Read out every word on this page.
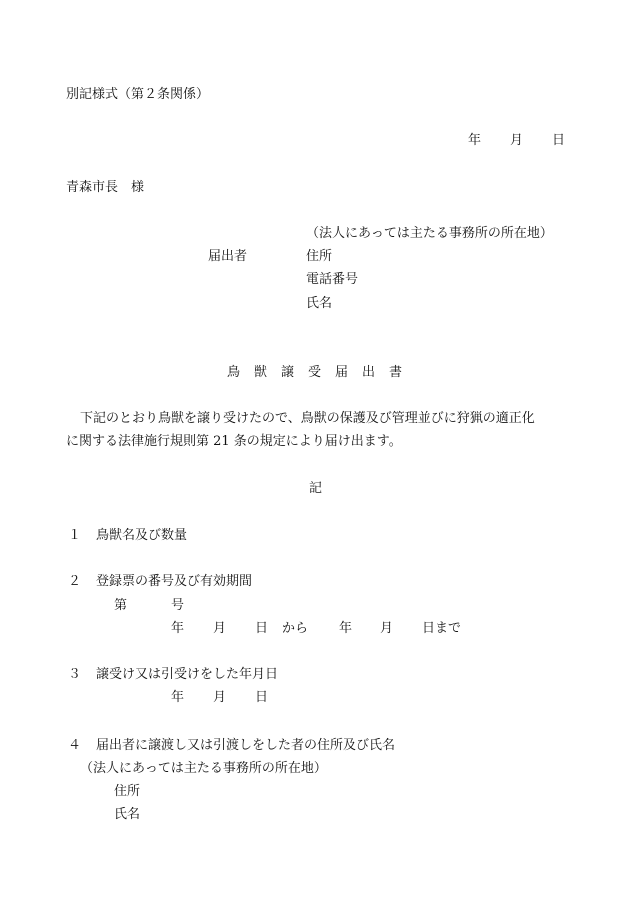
別記様式（第２条関係）
年 月 日
青森市長　様
（法人にあっては主たる事務所の所在地）
届出者	住所
電話番号
氏名
鳥　獣　譲　受　届　出　書
下記のとおり鳥獣を譲り受けたので、鳥獣の保護及び管理並びに狩猟の適正化
に関する法律施行規則第 21 条の規定により届け出ます。
記
１ 鳥獣名及び数量
２ 登録票の番号及び有効期間
第	号
年 月 日 から 年 月 日まで
３ 譲受け又は引受けをした年月日
年 月 日
４ 届出者に譲渡し又は引渡しをした者の住所及び氏名
（法人にあっては主たる事務所の所在地）
住所
氏名
